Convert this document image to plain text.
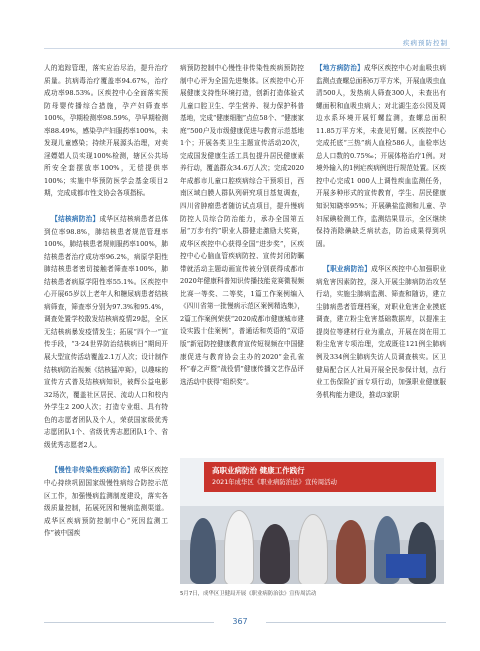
疾病预防控制

人的追踪管理，落实应治尽治，提升治疗质量。抗病毒治疗覆盖率94.67%，治疗成功率98.53%。区疾控中心全面落实预防母婴传播综合措施，孕产妇筛查率100%，孕期检测率98.59%，孕早期检测率88.49%，感染孕产妇服药率100%，未发现儿童感染；持续开展源头治理，对卖淫嫖娼人员实现100%检测，辖区公共场所安全套摆放率100%，无偿提供率100%；实施中华预防医学会基金项目2期，完成成都市性支协会各项指标。

【结核病防治】成华区结核病患者总体到位率98.8%，肺结核患者规范管理率100%，肺结核患者规则服药率100%，肺结核患者治疗成功率96.2%，病原学阳性肺结核患者密切接触者筛查率100%，肺结核患者病原学阳性率55.1%。区疾控中心开展65岁以上老年人和糖尿病患者结核病筛查，筛查率分别为97.3%和95.4%，调查处置学校散发结核病疫情29起，全区无结核病暴发疫情发生；拓展“四个一”宣传手段，“3·24世界防治结核病日”期间开展大型宣传活动覆盖2.1万人次；设计制作结核病防治视频《结核猛冲赛》，以趣味的宣传方式普及结核病知识，被辉公益电影32场次，覆盖社区居民、流动人口和校内外学生2 200人次；打造专业组、具有特色的志愿者团队及个人，荣获国家级优秀志愿团队1个、省级优秀志愿团队1个、省级优秀志愿者2人。

【慢性非传染性疾病防治】成华区疾控中心持续巩固国家级慢性病综合防控示范区工作，加强慢病监测制度建设，落实各级质量控制，拓展死因和慢病监测渠道。成华区疾病预防控制中心“死因监测工作”被中国疾

病预防控制中心慢性非传染性疾病预防控制中心评为全国先进集体。区疾控中心开展健康支持性环境打造，创新打造体验式儿童口腔卫生、学生营养、视力保护科普基地，完成“健康细胞”点位58个、“健康家庭”500户及市级健康促进与教育示范基地1个；开展各类卫生主题宣传活动20次，完成国发健康生活工具包提升居民健康素养行动，覆盖群众34.6万人次；完成2020年成都市儿童口腔疾病综合干预项目，西南区域白膜人群队列研究项目基复调查，四川省肿瘤患者随访试点项目，提升慢病防控人员综合防治能力，承办全国第五届“万步有约”职业人群健走激励大奖赛，成华区疾控中心获得全国“进步奖”，区疾控中心心脑血管疾病防控、宣传封闭防瞩带就活动主题动画宣传被分别获得成都市2020年健康科普知识传播技能竞赛微视频比赛一等奖、二等奖，1篇工作案例编入《四川省第一批慢病示范区案例精选集》，2篇工作案例荣获“2020成都市健康城市建设实践十佳案例”，普通话和英语的“双语版”新冠防控健康教育宣传短视频在中国健康促进与教育协会主办的2020“金孔雀杯”春之声暨“战役情”健康传播文艺作品评选活动中获得“组织奖”。

【地方病防治】成华区疾控中心对血吸虫病监测点查螺总面积6万平方米，开展血吸虫血清500人，发热病人筛查300人，未查出有螺面积和血吸虫病人；对北湖生态公园及周边水系环境开展钉螺监测，查螺总面积11.85万平方米，未查见钉螺。区疾控中心完成托底“三热”病人血检586人，血检率达总人口数的0.75‰；开展体格治疗1例。对境外输入的1例疟疾病例进行规范处置。区疾控中心完成1 000人上调性疾血监测任务，开展多种形式的宣传教育，学生、居民健康知识知晓率95%；开展碘盐监测和儿童、孕妇尿碘检测工作，监测结果显示，全区继续保持消除碘缺乏病状态，防治成果得到巩固。

【职业病防治】成华区疾控中心加强职业病危害因素防控，深入开展尘肺病防治攻坚行动，实施尘肺病监测、筛查和随访，建立尘肺病患者管理档案，对职业危害企业摸底调查，建立粉尘危害基础数据库，以提准主提岗位等建材行业为重点，开展在岗在用工粉尘危害专项治理，完成既往121例尘肺病例及334例尘肺病失访人员调查核实。区卫健局配合区人社局开展全民参保计划，点行业工伤保险扩面专项行动，加强职业健康服务机构能力建设，推动3家职

高职业病防治 健康工作践行
2021年成华区《职业病防治法》宣传周活动
5月7日，成华区卫健局开展《职业病防治法》宣传周活动
367
